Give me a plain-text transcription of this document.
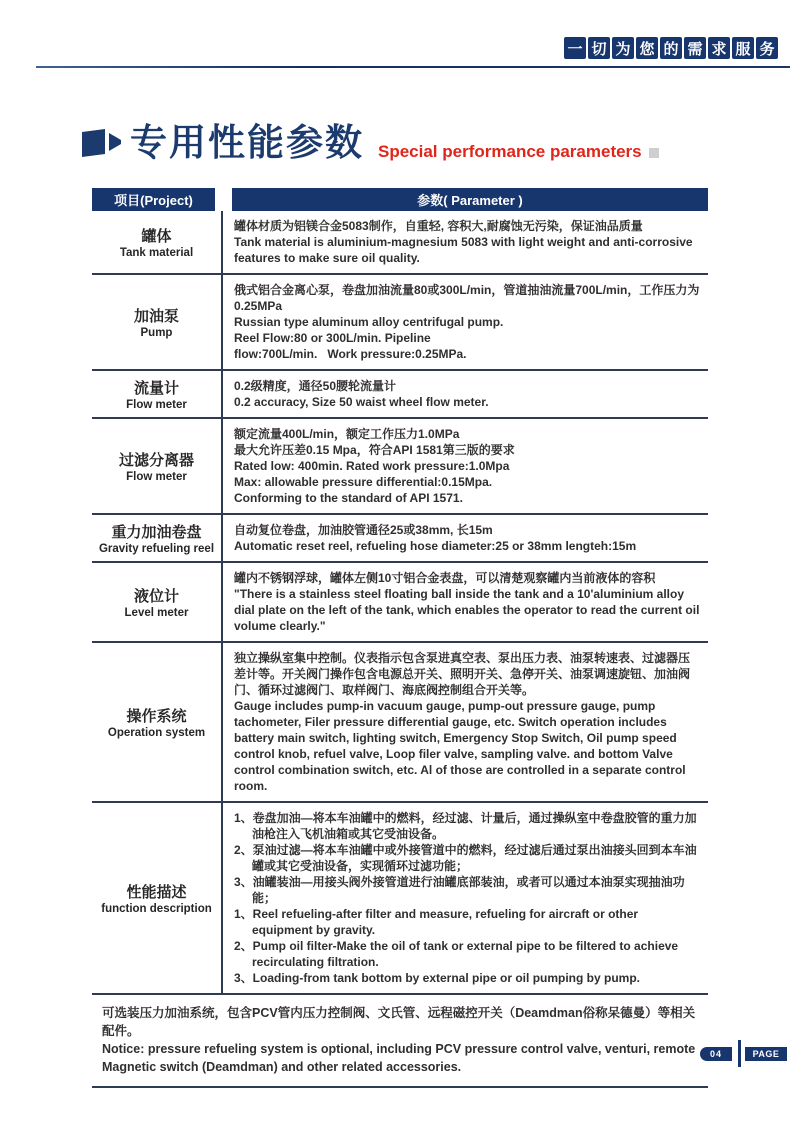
一 切 为 您 的 需 求 服 务
专用性能参数 Special performance parameters
项目(Project)	参数( Parameter )
罐体
Tank material
罐体材质为铝镁合金5083制作，自重轻, 容积大,耐腐蚀无污染，保证油品质量
Tank material is aluminium-magnesium 5083 with light weight and anti-corrosive features to make sure oil quality.
加油泵
Pump
俄式铝合金离心泵，卷盘加油流量80或300L/min，管道抽油流量700L/min，工作压力为0.25MPa
Russian type aluminum alloy centrifugal pump.
Reel Flow:80 or 300L/min. Pipeline
flow:700L/min.   Work pressure:0.25MPa.
流量计
Flow meter
0.2级精度，通径50腰轮流量计
0.2 accuracy, Size 50 waist wheel flow meter.
过滤分离器
Flow meter
额定流量400L/min，额定工作压力1.0MPa
最大允许压差0.15 Mpa，符合API 1581第三版的要求
Rated low: 400min. Rated work pressure:1.0Mpa
Max: allowable pressure differential:0.15Mpa.
Conforming to the standard of API 1571.
重力加油卷盘
Gravity refueling reel
自动复位卷盘，加油胶管通径25或38mm, 长15m
Automatic reset reel, refueling hose diameter:25 or 38mm lengteh:15m
液位计
Level meter
罐内不锈钢浮球，罐体左侧10寸铝合金表盘，可以清楚观察罐内当前液体的容积
"There is a stainless steel floating ball inside the tank and a 10'aluminium alloy dial plate on the left of the tank, which enables the operator to read the current oil volume clearly."
操作系统
Operation system
独立操纵室集中控制。仪表指示包含泵进真空表、泵出压力表、油泵转速表、过滤器压差计等。开关阀门操作包含电源总开关、照明开关、急停开关、油泵调速旋钮、加油阀门、循环过滤阀门、取样阀门、海底阀控制组合开关等。
Gauge includes pump-in vacuum gauge, pump-out pressure gauge, pump tachometer, Filer pressure differential gauge, etc. Switch operation includes battery main switch, lighting switch, Emergency Stop Switch, Oil pump speed control knob, refuel valve, Loop filer valve, sampling valve. and bottom Valve control combination switch, etc. Al of those are controlled in a separate control room.
性能描述
function description
1、卷盘加油—将本车油罐中的燃料，经过滤、计量后，通过操纵室中卷盘胶管的重力加油枪注入飞机油箱或其它受油设备。
2、泵油过滤—将本车油罐中或外接管道中的燃料，经过滤后通过泵出油接头回到本车油罐或其它受油设备，实现循环过滤功能；
3、油罐装油—用接头阀外接管道进行油罐底部装油，或者可以通过本油泵实现抽油功能；
1、Reel refueling-after filter and measure, refueling for aircraft or other equipment by gravity.
2、Pump oil filter-Make the oil of tank or external pipe to be filtered to achieve recirculating filtration.
3、Loading-from tank bottom by external pipe or oil pumping by pump.
可选装压力加油系统，包含PCV管内压力控制阀、文氏管、远程磁控开关（Deamdman俗称呆德曼）等相关配件。
Notice: pressure refueling system is optional, including PCV pressure control valve, venturi, remote Magnetic switch (Deamdman) and other related accessories.
04	PAGE
